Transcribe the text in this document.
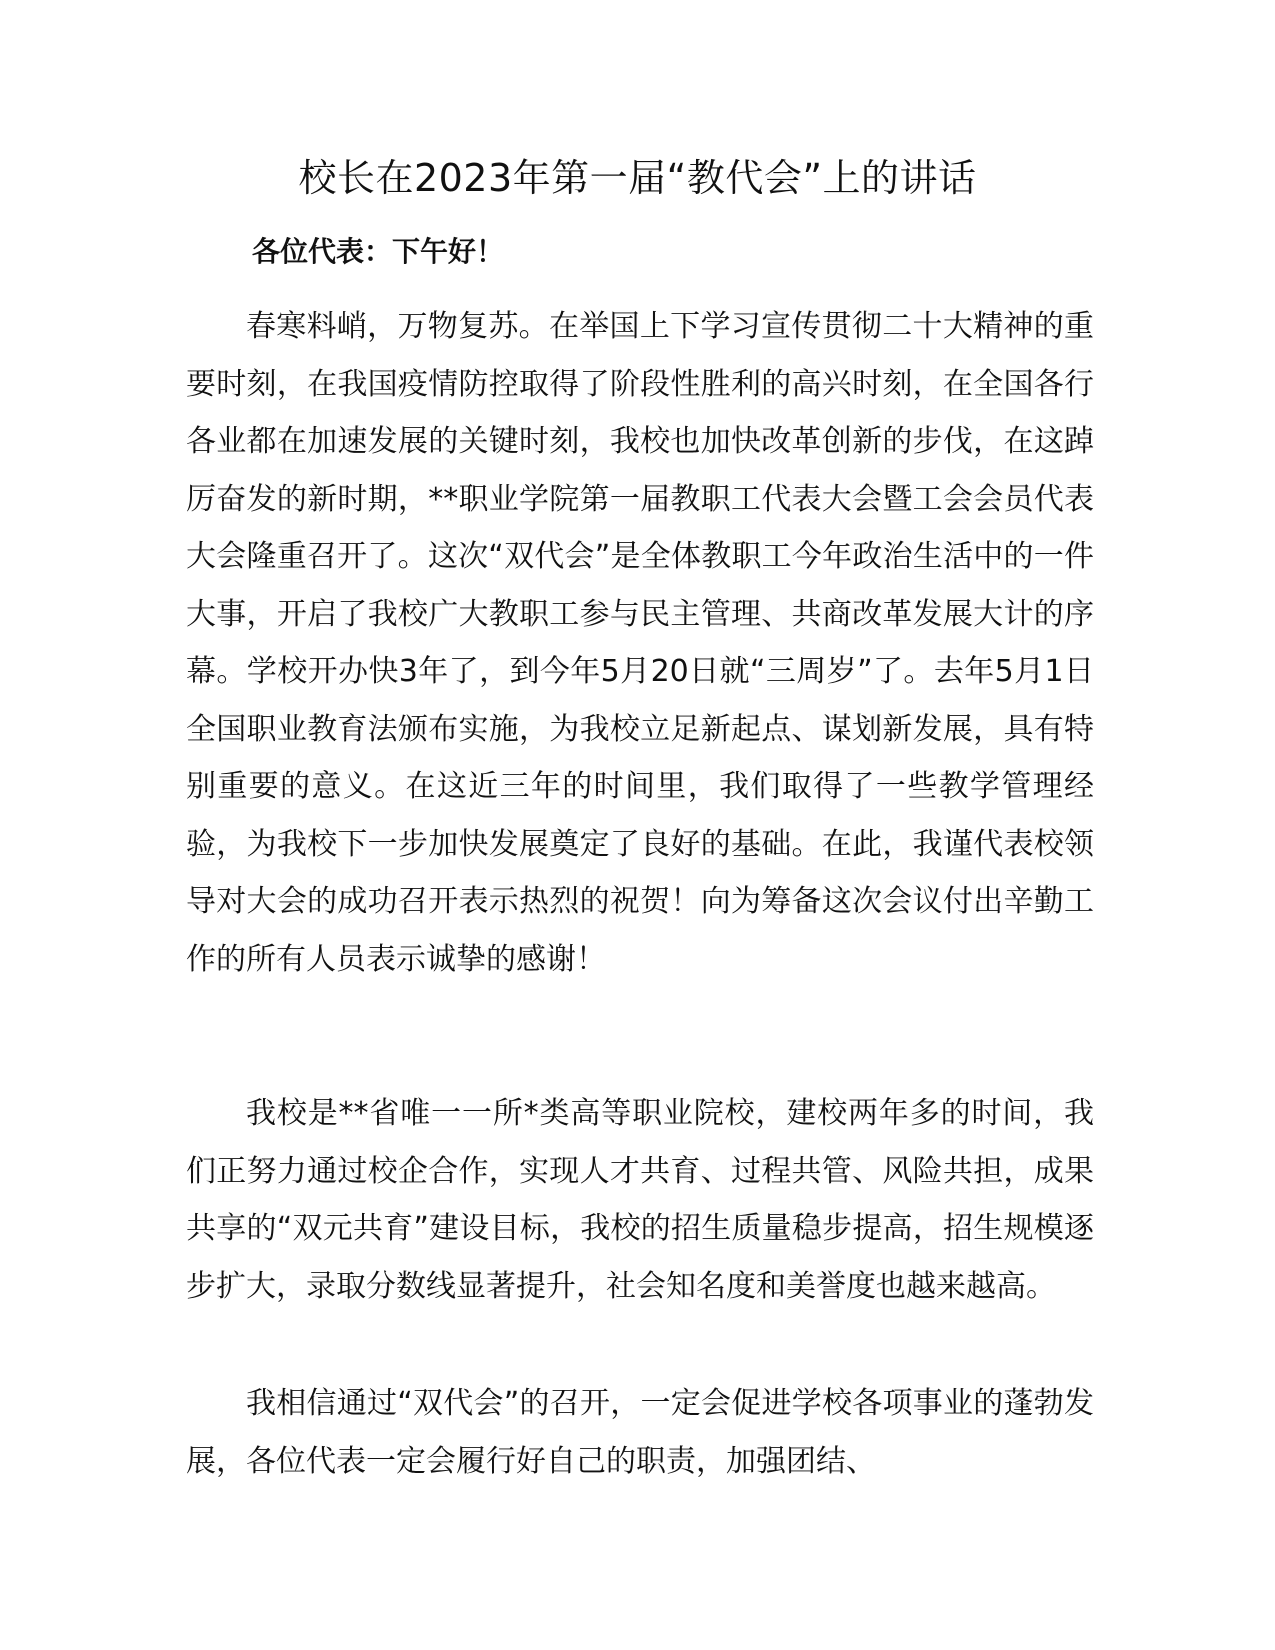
校长在2023年第一届“教代会”上的讲话

各位代表：下午好！

春寒料峭，万物复苏。在举国上下学习宣传贯彻二十大精神的重要时刻，在我国疫情防控取得了阶段性胜利的高兴时刻，在全国各行各业都在加速发展的关键时刻，我校也加快改革创新的步伐，在这踔厉奋发的新时期，**职业学院第一届教职工代表大会暨工会会员代表大会隆重召开了。这次“双代会”是全体教职工今年政治生活中的一件大事，开启了我校广大教职工参与民主管理、共商改革发展大计的序幕。学校开办快3年了，到今年5月20日就“三周岁”了。去年5月1日全国职业教育法颁布实施，为我校立足新起点、谋划新发展，具有特别重要的意义。在这近三年的时间里，我们取得了一些教学管理经验，为我校下一步加快发展奠定了良好的基础。在此，我谨代表校领导对大会的成功召开表示热烈的祝贺！向为筹备这次会议付出辛勤工作的所有人员表示诚挚的感谢！

我校是**省唯一一所*类高等职业院校，建校两年多的时间，我们正努力通过校企合作，实现人才共育、过程共管、风险共担，成果共享的“双元共育”建设目标，我校的招生质量稳步提高，招生规模逐步扩大，录取分数线显著提升，社会知名度和美誉度也越来越高。

我相信通过“双代会”的召开，一定会促进学校各项事业的蓬勃发展，各位代表一定会履行好自己的职责，加强团结、
